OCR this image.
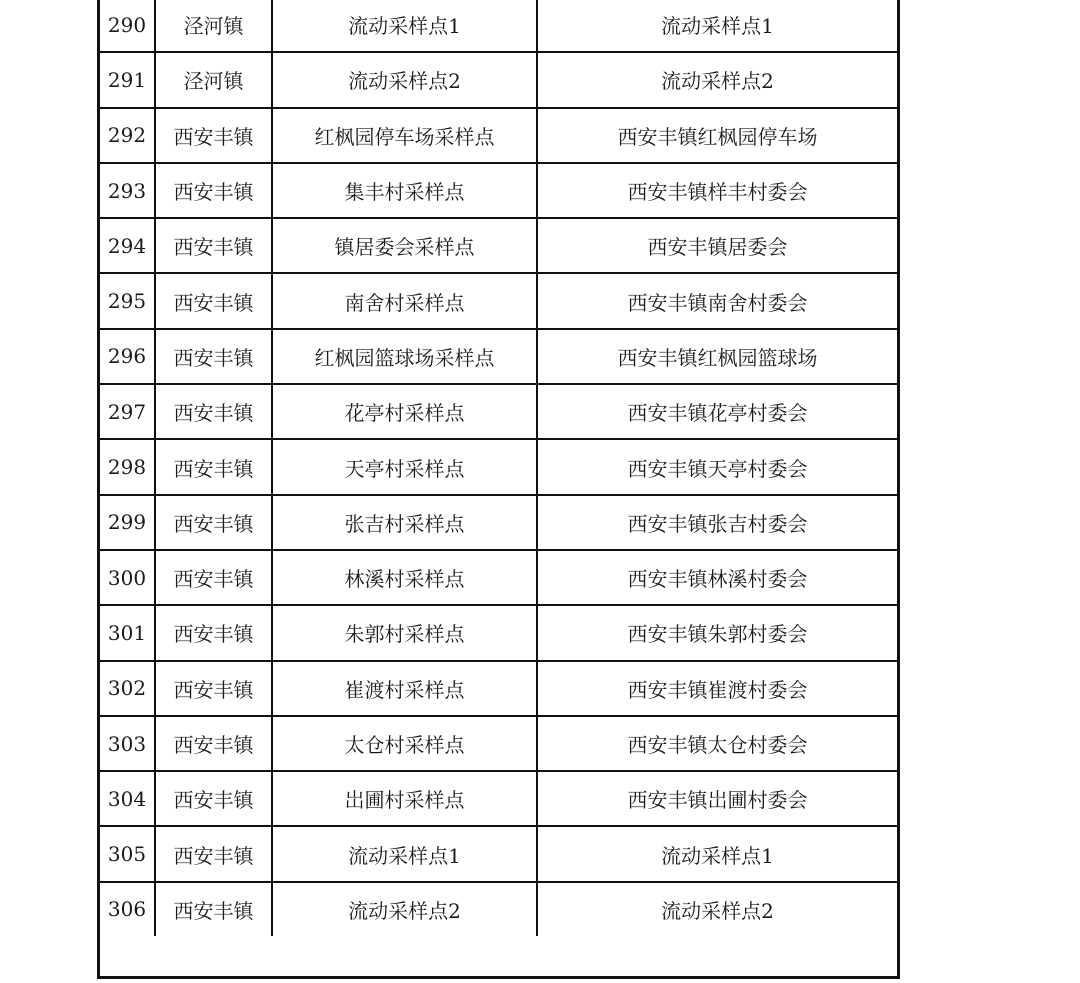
290	泾河镇	流动采样点1	流动采样点1
291	泾河镇	流动采样点2	流动采样点2
292	西安丰镇	红枫园停车场采样点	西安丰镇红枫园停车场
293	西安丰镇	集丰村采样点	西安丰镇样丰村委会
294	西安丰镇	镇居委会采样点	西安丰镇居委会
295	西安丰镇	南舍村采样点	西安丰镇南舍村委会
296	西安丰镇	红枫园篮球场采样点	西安丰镇红枫园篮球场
297	西安丰镇	花亭村采样点	西安丰镇花亭村委会
298	西安丰镇	天亭村采样点	西安丰镇天亭村委会
299	西安丰镇	张吉村采样点	西安丰镇张吉村委会
300	西安丰镇	林溪村采样点	西安丰镇林溪村委会
301	西安丰镇	朱郭村采样点	西安丰镇朱郭村委会
302	西安丰镇	崔渡村采样点	西安丰镇崔渡村委会
303	西安丰镇	太仓村采样点	西安丰镇太仓村委会
304	西安丰镇	岀圃村采样点	西安丰镇岀圃村委会
305	西安丰镇	流动采样点1	流动采样点1
306	西安丰镇	流动采样点2	流动采样点2
